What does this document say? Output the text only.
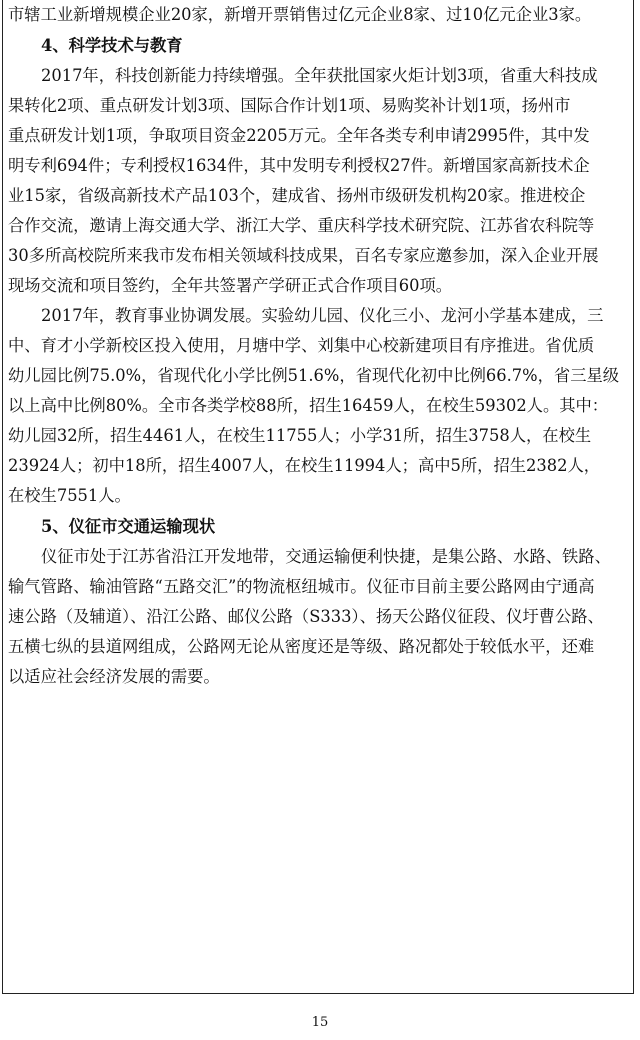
市辖工业新增规模企业20家，新增开票销售过亿元企业8家、过10亿元企业3家。
4、科学技术与教育
2017年，科技创新能力持续增强。全年获批国家火炬计划3项，省重大科技成
果转化2项、重点研发计划3项、国际合作计划1项、易购奖补计划1项，扬州市
重点研发计划1项，争取项目资金2205万元。全年各类专利申请2995件，其中发
明专利694件；专利授权1634件，其中发明专利授权27件。新增国家高新技术企
业15家，省级高新技术产品103个，建成省、扬州市级研发机构20家。推进校企
合作交流，邀请上海交通大学、浙江大学、重庆科学技术研究院、江苏省农科院等
30多所高校院所来我市发布相关领域科技成果，百名专家应邀参加，深入企业开展
现场交流和项目签约，全年共签署产学研正式合作项目60项。
2017年，教育事业协调发展。实验幼儿园、仪化三小、龙河小学基本建成，三
中、育才小学新校区投入使用，月塘中学、刘集中心校新建项目有序推进。省优质
幼儿园比例75.0%，省现代化小学比例51.6%，省现代化初中比例66.7%，省三星级
以上高中比例80%。全市各类学校88所，招生16459人，在校生59302人。其中：
幼儿园32所，招生4461人，在校生11755人；小学31所，招生3758人，在校生
23924人；初中18所，招生4007人，在校生11994人；高中5所，招生2382人，
在校生7551人。
5、仪征市交通运输现状
仪征市处于江苏省沿江开发地带，交通运输便利快捷，是集公路、水路、铁路、
输气管路、输油管路“五路交汇”的物流枢纽城市。仪征市目前主要公路网由宁通高
速公路（及辅道）、沿江公路、邮仪公路（S333）、扬天公路仪征段、仪圩曹公路、
五横七纵的县道网组成，公路网无论从密度还是等级、路况都处于较低水平，还难
以适应社会经济发展的需要。
15
